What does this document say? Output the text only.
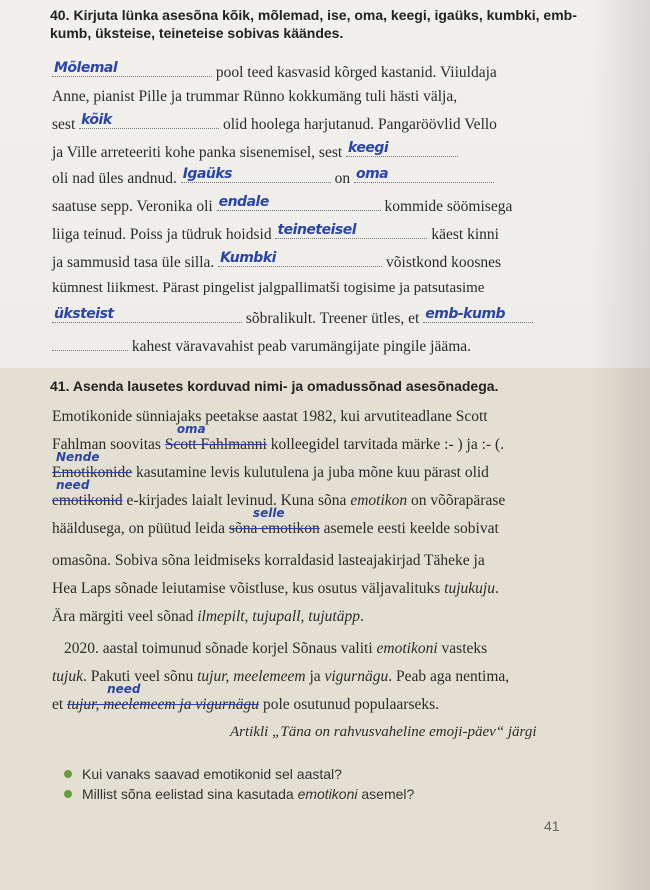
40. Kirjuta lünka asesõna kõik, mõlemad, ise, oma, keegi, igaüks, kumbki, emb-kumb, üksteise, teineteise sobivas käändes.
Mõlemal	pool teed kasvasid kõrged kastanid. Viiuldaja
Anne, pianist Pille ja trummar Rünno kokkumäng tuli hästi välja,
sest kõik	olid hoolega harjutanud. Pangaröövlid Vello
ja Ville arreteeriti kohe panka sisenemisel, sest keegi
oli nad üles andnud. Igaüks	on oma
saatuse sepp. Veronika oli endale	kommide söömisega
liiga teinud. Poiss ja tüdruk hoidsid teineteisel	käest kinni
ja sammusid tasa üle silla. Kumbki	võistkond koosnes
kümnest liikmest. Pärast pingelist jalgpallimatši togisime ja patsutasime
üksteist	sõbralikult. Treener ütles, et emb-kumb
kahest väravavahist peab varumängijate pingile jääma.
41. Asenda lausetes korduvad nimi- ja omadussõnad asesõnadega.
Emotikonide sünniajaks peetakse aastat 1982, kui arvutiteadlane Scott
Fahlman soovitas
oma
Scott Fahlmanni kolleegidel tarvitada märke :- ) ja :- (.
Nende
Emotikonide kasutamine levis kulutulena ja juba mõne kuu pärast olid
need
emotikonid e-kirjades laialt levinud. Kuna sõna emotikon on võõrapärase
hääldusega, on püütud leida
selle
sõna emotikon asemele eesti keelde sobivat
omasõna. Sobiva sõna leidmiseks korraldasid lasteajakirjad Täheke ja
Hea Laps sõnade leiutamise võistluse, kus osutus väljavalituks tujukuju.
Ära märgiti veel sõnad ilmepilt, tujupall, tujutäpp.
2020. aastal toimunud sõnade korjel Sõnaus valiti emotikoni vasteks
tujuk. Pakuti veel sõnu tujur, meelemeem ja vigurnägu. Peab aga nentima,
et
need
tujur, meelemeem ja vigurnägu pole osutunud populaarseks.
Artikli „Täna on rahvusvaheline emoji-päev“ järgi
Kui vanaks saavad emotikonid sel aastal?
Millist sõna eelistad sina kasutada emotikoni asemel?
41
